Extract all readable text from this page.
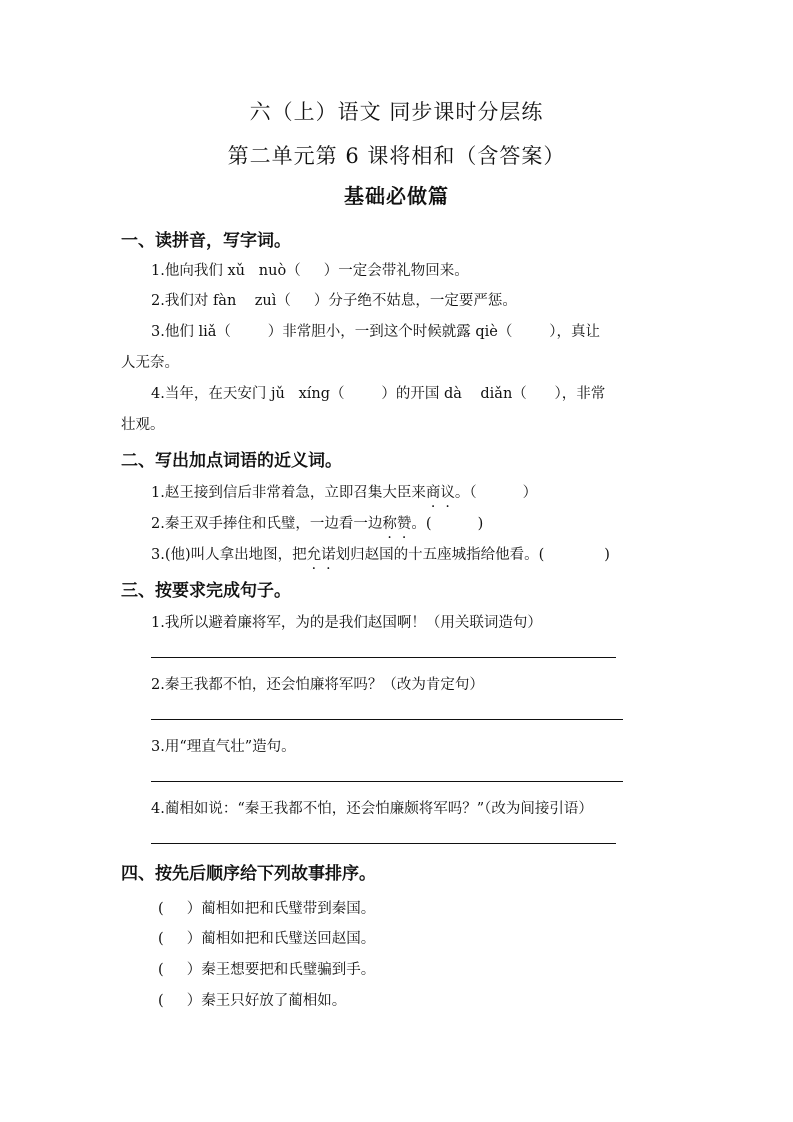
六（上）语文 同步课时分层练
第二单元第 6 课将相和（含答案）
基础必做篇
一、读拼音，写字词。
1.他向我们 xǔ   nuò（     ）一定会带礼物回来。
2.我们对 fàn    zuì（     ）分子绝不姑息，一定要严惩。
3.他们 liǎ（        ）非常胆小，一到这个时候就露 qiè（        ），真让
人无奈。
4.当年，在天安门 jǔ   xíng（        ）的开国 dà    diǎn（      ），非常
壮观。
二、写出加点词语的近义词。
1.赵王接到信后非常着急，立即召集大臣来商议。（          ）
2.秦王双手捧住和氏璧，一边看一边称赞。(          )
3.(他)叫人拿出地图，把允诺划归赵国的十五座城指给他看。(             )
三、按要求完成句子。
1.我所以避着廉将军，为的是我们赵国啊！（用关联词造句）
2.秦王我都不怕，还会怕廉将军吗？（改为肯定句）
3.用“理直气壮”造句。
4.蔺相如说：“秦王我都不怕，还会怕廉颇将军吗？”（改为间接引语）
四、按先后顺序给下列故事排序。
(     ）蔺相如把和氏璧带到秦国。
(     ）蔺相如把和氏璧送回赵国。
(     ）秦王想要把和氏璧骗到手。
(     ）秦王只好放了蔺相如。
